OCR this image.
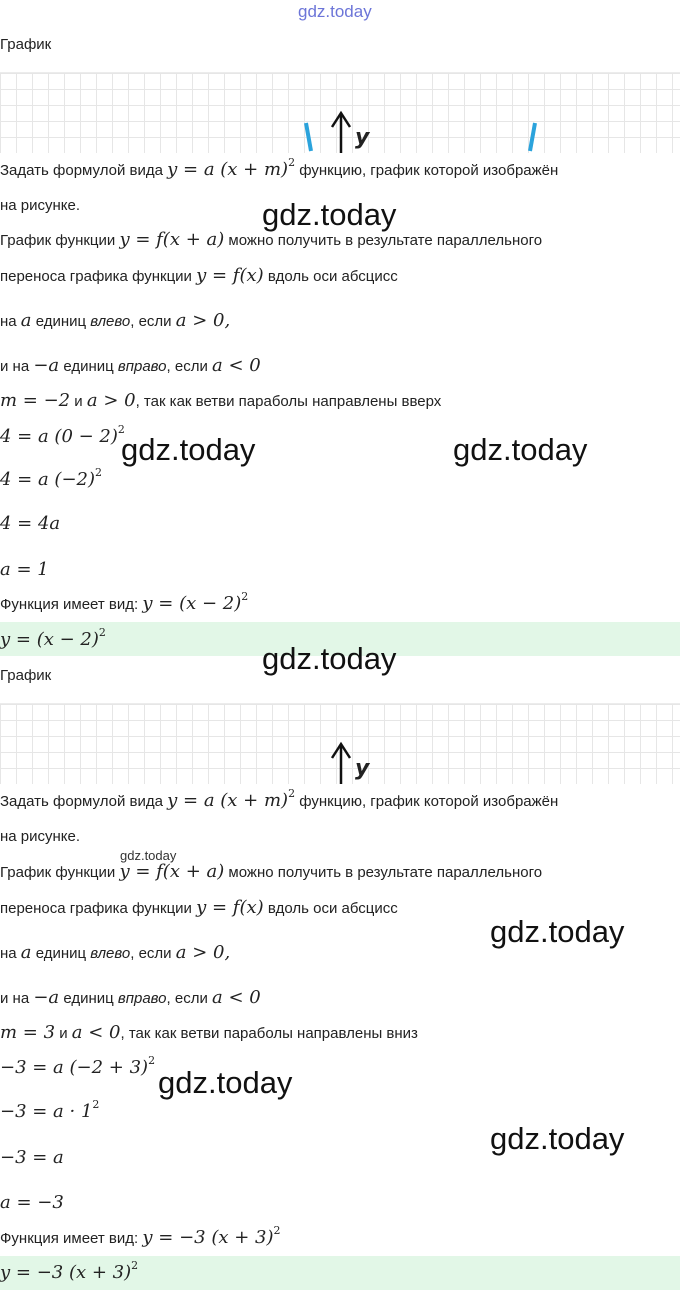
gdz.today
График
y
Задать формулой вида y = a $(x + m)^2$ функцию, график которой изображён
на рисунке.
График функции y = f(x + a) можно получить в результате параллельного
переноса графика функции y = f(x) вдоль оси абсцисс
на a единиц влево, если a > 0,
и на −a единиц вправо, если a < 0
m = −2 и a > 0, так как ветви параболы направлены вверх
4 = a $(0 - 2)^2$
4 = a $(-2)^2$
4 = 4a
a = 1
Функция имеет вид: $y = (x - 2)^2$
$y = (x - 2)^2$
График
y
Задать формулой вида y = a $(x + m)^2$ функцию, график которой изображён
на рисунке.
График функции y = f(x + a) можно получить в результате параллельного
переноса графика функции y = f(x) вдоль оси абсцисс
на a единиц влево, если a > 0,
и на −a единиц вправо, если a < 0
m = 3 и a < 0, так как ветви параболы направлены вниз
−3 = a $(-2 + 3)^2$
$-3 = a \cdot 1^2$
−3 = a
a = −3
Функция имеет вид: y = −3 $(x + 3)^2$
y = −3 $(x + 3)^2$
gdz.today
gdz.today	gdz.today
gdz.today
gdz.today
gdz.today
gdz.today
gdz.today
